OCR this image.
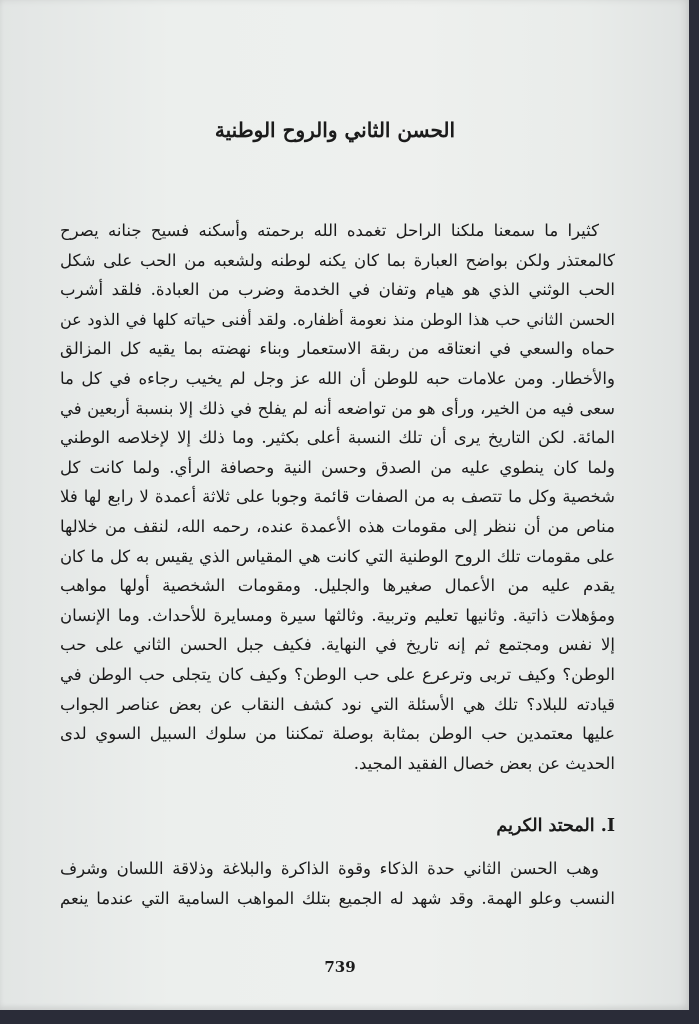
الحسن الثاني والروح الوطنية
كثيرا ما سمعنا ملكنا الراحل تغمده الله برحمته وأسكنه فسيح جنانه يصرح
كالمعتذر ولكن بواضح العبارة بما كان يكنه لوطنه ولشعبه من الحب على شكل
الحب الوثني الذي هو هيام وتفان في الخدمة وضرب من العبادة. فلقد أشرب
الحسن الثاني حب هذا الوطن منذ نعومة أظفاره. ولقد أفنى حياته كلها في الذود عن
حماه والسعي في انعتاقه من ربقة الاستعمار وبناء نهضته بما يقيه كل المزالق
والأخطار. ومن علامات حبه للوطن أن الله عز وجل لم يخيب رجاءه في كل ما
سعى فيه من الخير، ورأى هو من تواضعه أنه لم يفلح في ذلك إلا بنسبة أربعين في
المائة. لكن التاريخ يرى أن تلك النسبة أعلى بكثير. وما ذلك إلا لإخلاصه الوطني
ولما كان ينطوي عليه من الصدق وحسن النية وحصافة الرأي. ولما كانت كل
شخصية وكل ما تتصف به من الصفات قائمة وجوبا على ثلاثة أعمدة لا رابع لها فلا
مناص من أن ننظر إلى مقومات هذه الأعمدة عنده، رحمه الله، لنقف من خلالها
على مقومات تلك الروح الوطنية التي كانت هي المقياس الذي يقيس به كل ما كان
يقدم عليه من الأعمال صغيرها والجليل. ومقومات الشخصية أولها مواهب
ومؤهلات ذاتية. وثانيها تعليم وتربية. وثالثها سيرة ومسايرة للأحداث. وما الإنسان
إلا نفس ومجتمع ثم إنه تاريخ في النهاية. فكيف جبل الحسن الثاني على حب
الوطن؟ وكيف تربى وترعرع على حب الوطن؟ وكيف كان يتجلى حب الوطن في
قيادته للبلاد؟ تلك هي الأسئلة التي نود كشف النقاب عن بعض عناصر الجواب
عليها معتمدين حب الوطن بمثابة بوصلة تمكننا من سلوك السبيل السوي لدى
الحديث عن بعض خصال الفقيد المجيد.
I. المحتد الكريم
وهب الحسن الثاني حدة الذكاء وقوة الذاكرة والبلاغة وذلاقة اللسان وشرف
النسب وعلو الهمة. وقد شهد له الجميع بتلك المواهب السامية التي عندما ينعم
739
